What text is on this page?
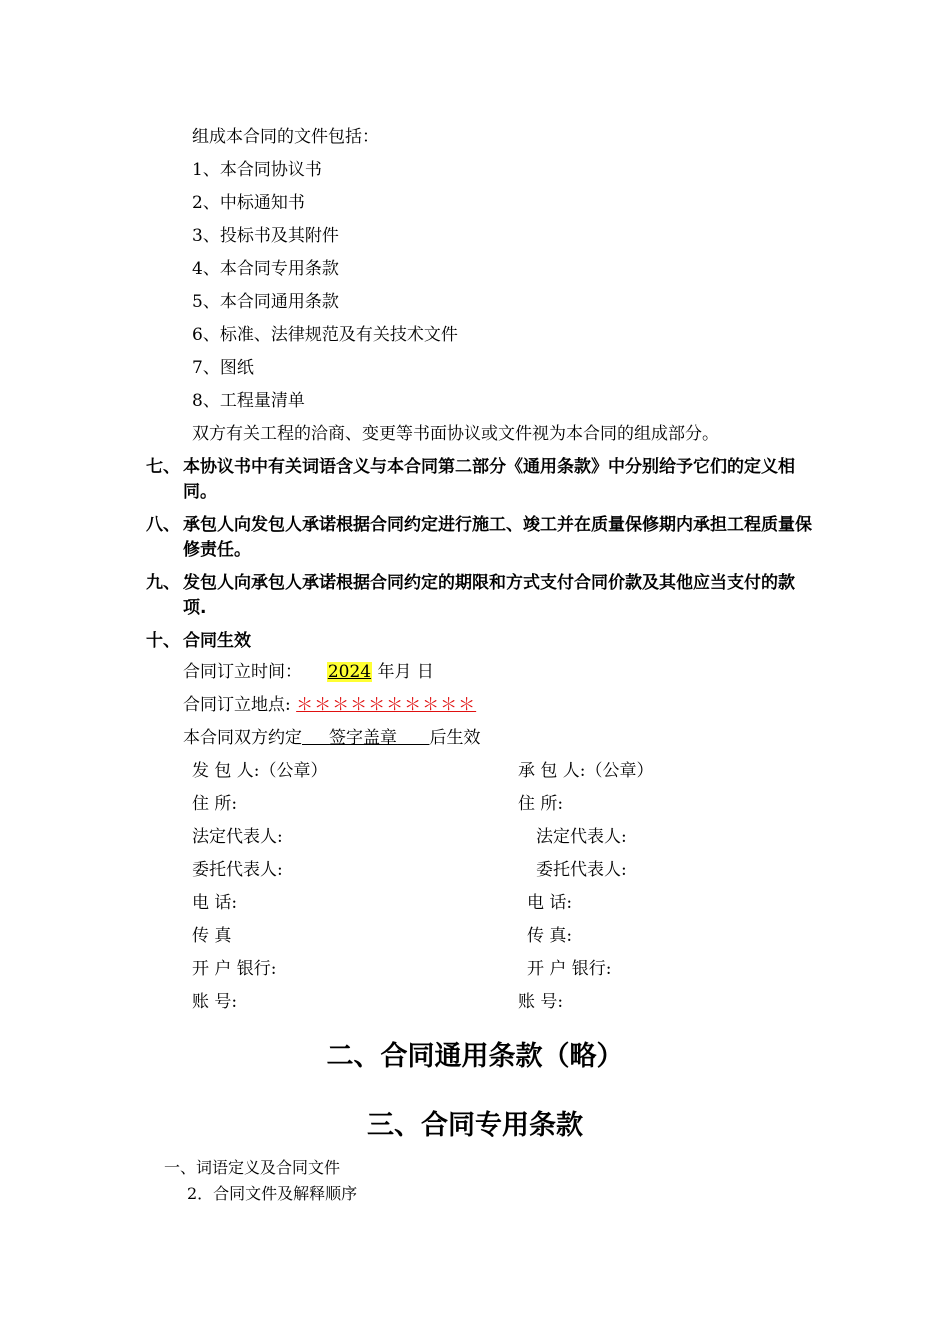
组成本合同的文件包括：
1、本合同协议书
2、中标通知书
3、投标书及其附件
4、本合同专用条款
5、本合同通用条款
6、标准、法律规范及有关技术文件
7、图纸
8、工程量清单
双方有关工程的洽商、变更等书面协议或文件视为本合同的组成部分。
七、 本协议书中有关词语含义与本合同第二部分《通用条款》中分别给予它们的定义相同。
八、 承包人向发包人承诺根据合同约定进行施工、竣工并在质量保修期内承担工程质量保修责任。
九、 发包人向承包人承诺根据合同约定的期限和方式支付合同价款及其他应当支付的款项.
十、 合同生效
合同订立时间： 2024 年月 日
合同订立地点: ＊＊＊＊＊＊＊＊＊＊
本合同双方约定 签字盖章 后生效
发 包 人:（公章）
住 所:
法定代表人:
委托代表人:
电 话:
传 真
开 户 银行:
账 号:
承 包 人:（公章）
住 所:
法定代表人:
委托代表人:
电 话:
传 真:
开 户 银行:
账 号:
二、合同通用条款（略）
三、合同专用条款
一、词语定义及合同文件
2．合同文件及解释顺序
